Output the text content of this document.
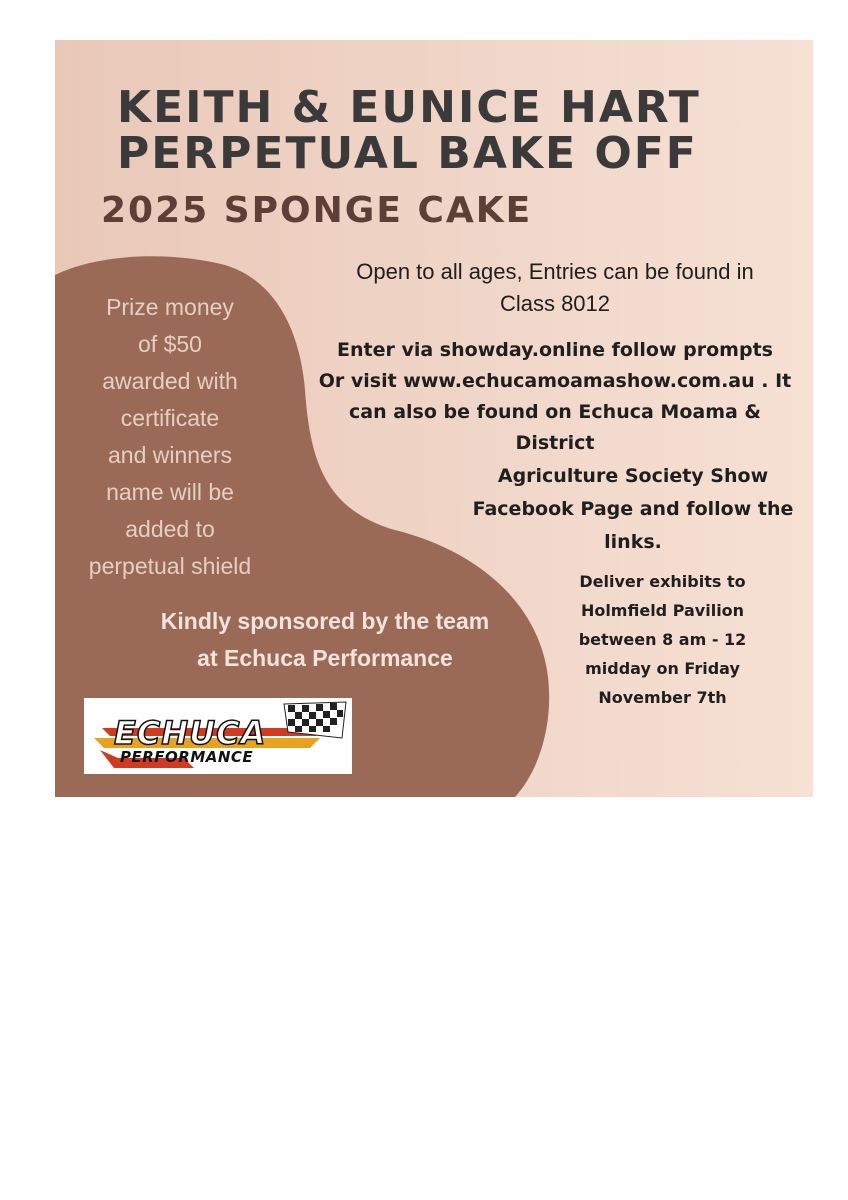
KEITH & EUNICE HART
PERPETUAL BAKE OFF
2025 SPONGE CAKE
Open to all ages, Entries can be found in
Class 8012
Enter via showday.online follow prompts
Or visit www.echucamoamashow.com.au . It
can also be found on Echuca Moama &
District
Agriculture Society Show
Facebook Page and follow the
links.
Deliver exhibits to
Holmfield Pavilion
between 8 am - 12
midday on Friday
November 7th
Prize money
of $50
awarded with
certificate
and winners
name will be
added to
perpetual shield
Kindly sponsored by the team
at Echuca Performance
ECHUCA
PERFORMANCE
